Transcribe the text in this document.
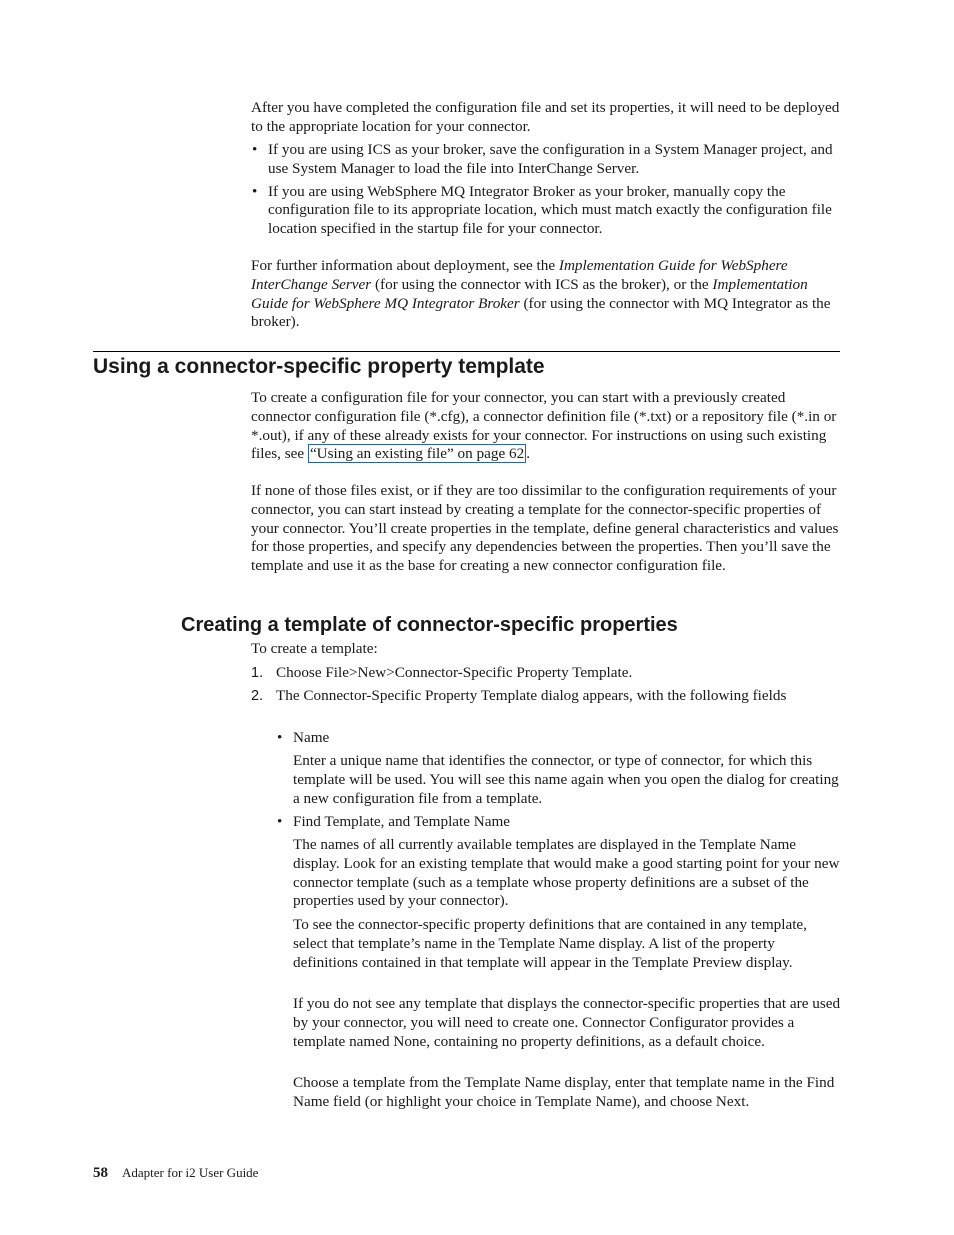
After you have completed the configuration file and set its properties, it will need to be deployed to the appropriate location for your connector.

• If you are using ICS as your broker, save the configuration in a System Manager project, and use System Manager to load the file into InterChange Server.
• If you are using WebSphere MQ Integrator Broker as your broker, manually copy the configuration file to its appropriate location, which must match exactly the configuration file location specified in the startup file for your connector.

For further information about deployment, see the Implementation Guide for WebSphere InterChange Server (for using the connector with ICS as the broker), or the Implementation Guide for WebSphere MQ Integrator Broker (for using the connector with MQ Integrator as the broker).

Using a connector-specific property template

To create a configuration file for your connector, you can start with a previously created connector configuration file (*.cfg), a connector definition file (*.txt) or a repository file (*.in or *.out), if any of these already exists for your connector. For instructions on using such existing files, see “Using an existing file” on page 62 .

If none of those files exist, or if they are too dissimilar to the configuration requirements of your connector, you can start instead by creating a template for the connector-specific properties of your connector. You’ll create properties in the template, define general characteristics and values for those properties, and specify any dependencies between the properties. Then you’ll save the template and use it as the base for creating a new connector configuration file.

Creating a template of connector-specific properties

To create a template:

1. Choose File>New>Connector-Specific Property Template.
2. The Connector-Specific Property Template dialog appears, with the following fields
• Name

Enter a unique name that identifies the connector, or type of connector, for which this template will be used. You will see this name again when you open the dialog for creating a new configuration file from a template.

• Find Template, and Template Name

The names of all currently available templates are displayed in the Template Name display. Look for an existing template that would make a good starting point for your new connector template (such as a template whose property definitions are a subset of the properties used by your connector).

To see the connector-specific property definitions that are contained in any template, select that template’s name in the Template Name display. A list of the property definitions contained in that template will appear in the Template Preview display.

If you do not see any template that displays the connector-specific properties that are used by your connector, you will need to create one. Connector Configurator provides a template named None, containing no property definitions, as a default choice.

Choose a template from the Template Name display, enter that template name in the Find Name field (or highlight your choice in Template Name), and choose Next.

58 Adapter for i2 User Guide
